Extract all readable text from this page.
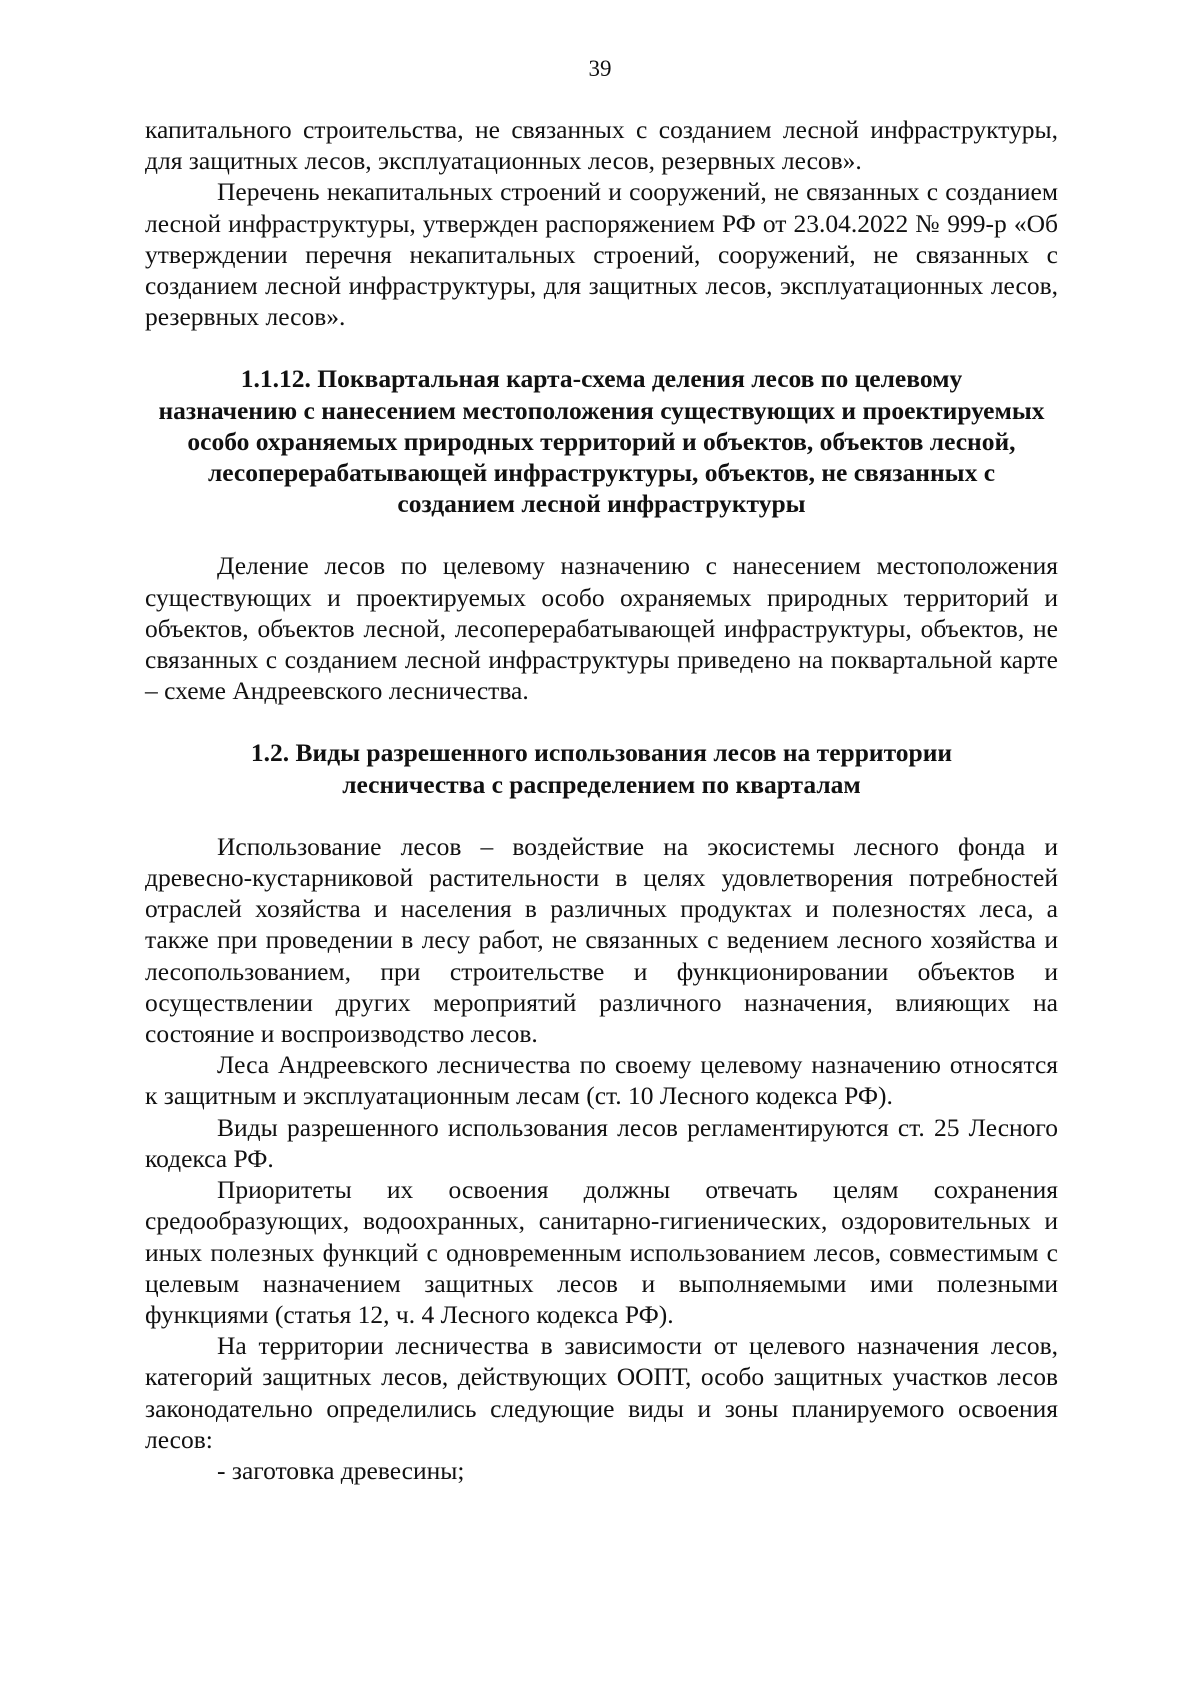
39

капитального строительства, не связанных с созданием лесной инфраструктуры, для защитных лесов, эксплуатационных лесов, резервных лесов».

Перечень некапитальных строений и сооружений, не связанных с созданием лесной инфраструктуры, утвержден распоряжением РФ от 23.04.2022 № 999-р «Об утверждении перечня некапитальных строений, сооружений, не связанных с созданием лесной инфраструктуры, для защитных лесов, эксплуатационных лесов, резервных лесов».

1.1.12. Поквартальная карта-схема деления лесов по целевому
назначению с нанесением местоположения существующих и проектируемых
особо охраняемых природных территорий и объектов, объектов лесной,
лесоперерабатывающей инфраструктуры, объектов, не связанных с
созданием лесной инфраструктуры

Деление лесов по целевому назначению с нанесением местоположения существующих и проектируемых особо охраняемых природных территорий и объектов, объектов лесной, лесоперерабатывающей инфраструктуры, объектов, не связанных с созданием лесной инфраструктуры приведено на поквартальной карте – схеме Андреевского лесничества.

1.2. Виды разрешенного использования лесов на территории
лесничества с распределением по кварталам

Использование лесов – воздействие на экосистемы лесного фонда и древесно-кустарниковой растительности в целях удовлетворения потребностей отраслей хозяйства и населения в различных продуктах и полезностях леса, а также при проведении в лесу работ, не связанных с ведением лесного хозяйства и лесопользованием, при строительстве и функционировании объектов и осуществлении других мероприятий различного назначения, влияющих на состояние и воспроизводство лесов.

Леса Андреевского лесничества по своему целевому назначению относятся к защитным и эксплуатационным лесам (ст. 10 Лесного кодекса РФ).

Виды разрешенного использования лесов регламентируются ст. 25 Лесного кодекса РФ.

Приоритеты их освоения должны отвечать целям сохранения средообразующих, водоохранных, санитарно-гигиенических, оздоровительных и иных полезных функций с одновременным использованием лесов, совместимым с целевым назначением защитных лесов и выполняемыми ими полезными функциями (статья 12, ч. 4 Лесного кодекса РФ).

На территории лесничества в зависимости от целевого назначения лесов, категорий защитных лесов, действующих ООПТ, особо защитных участков лесов законодательно определились следующие виды и зоны планируемого освоения лесов:

- заготовка древесины;
